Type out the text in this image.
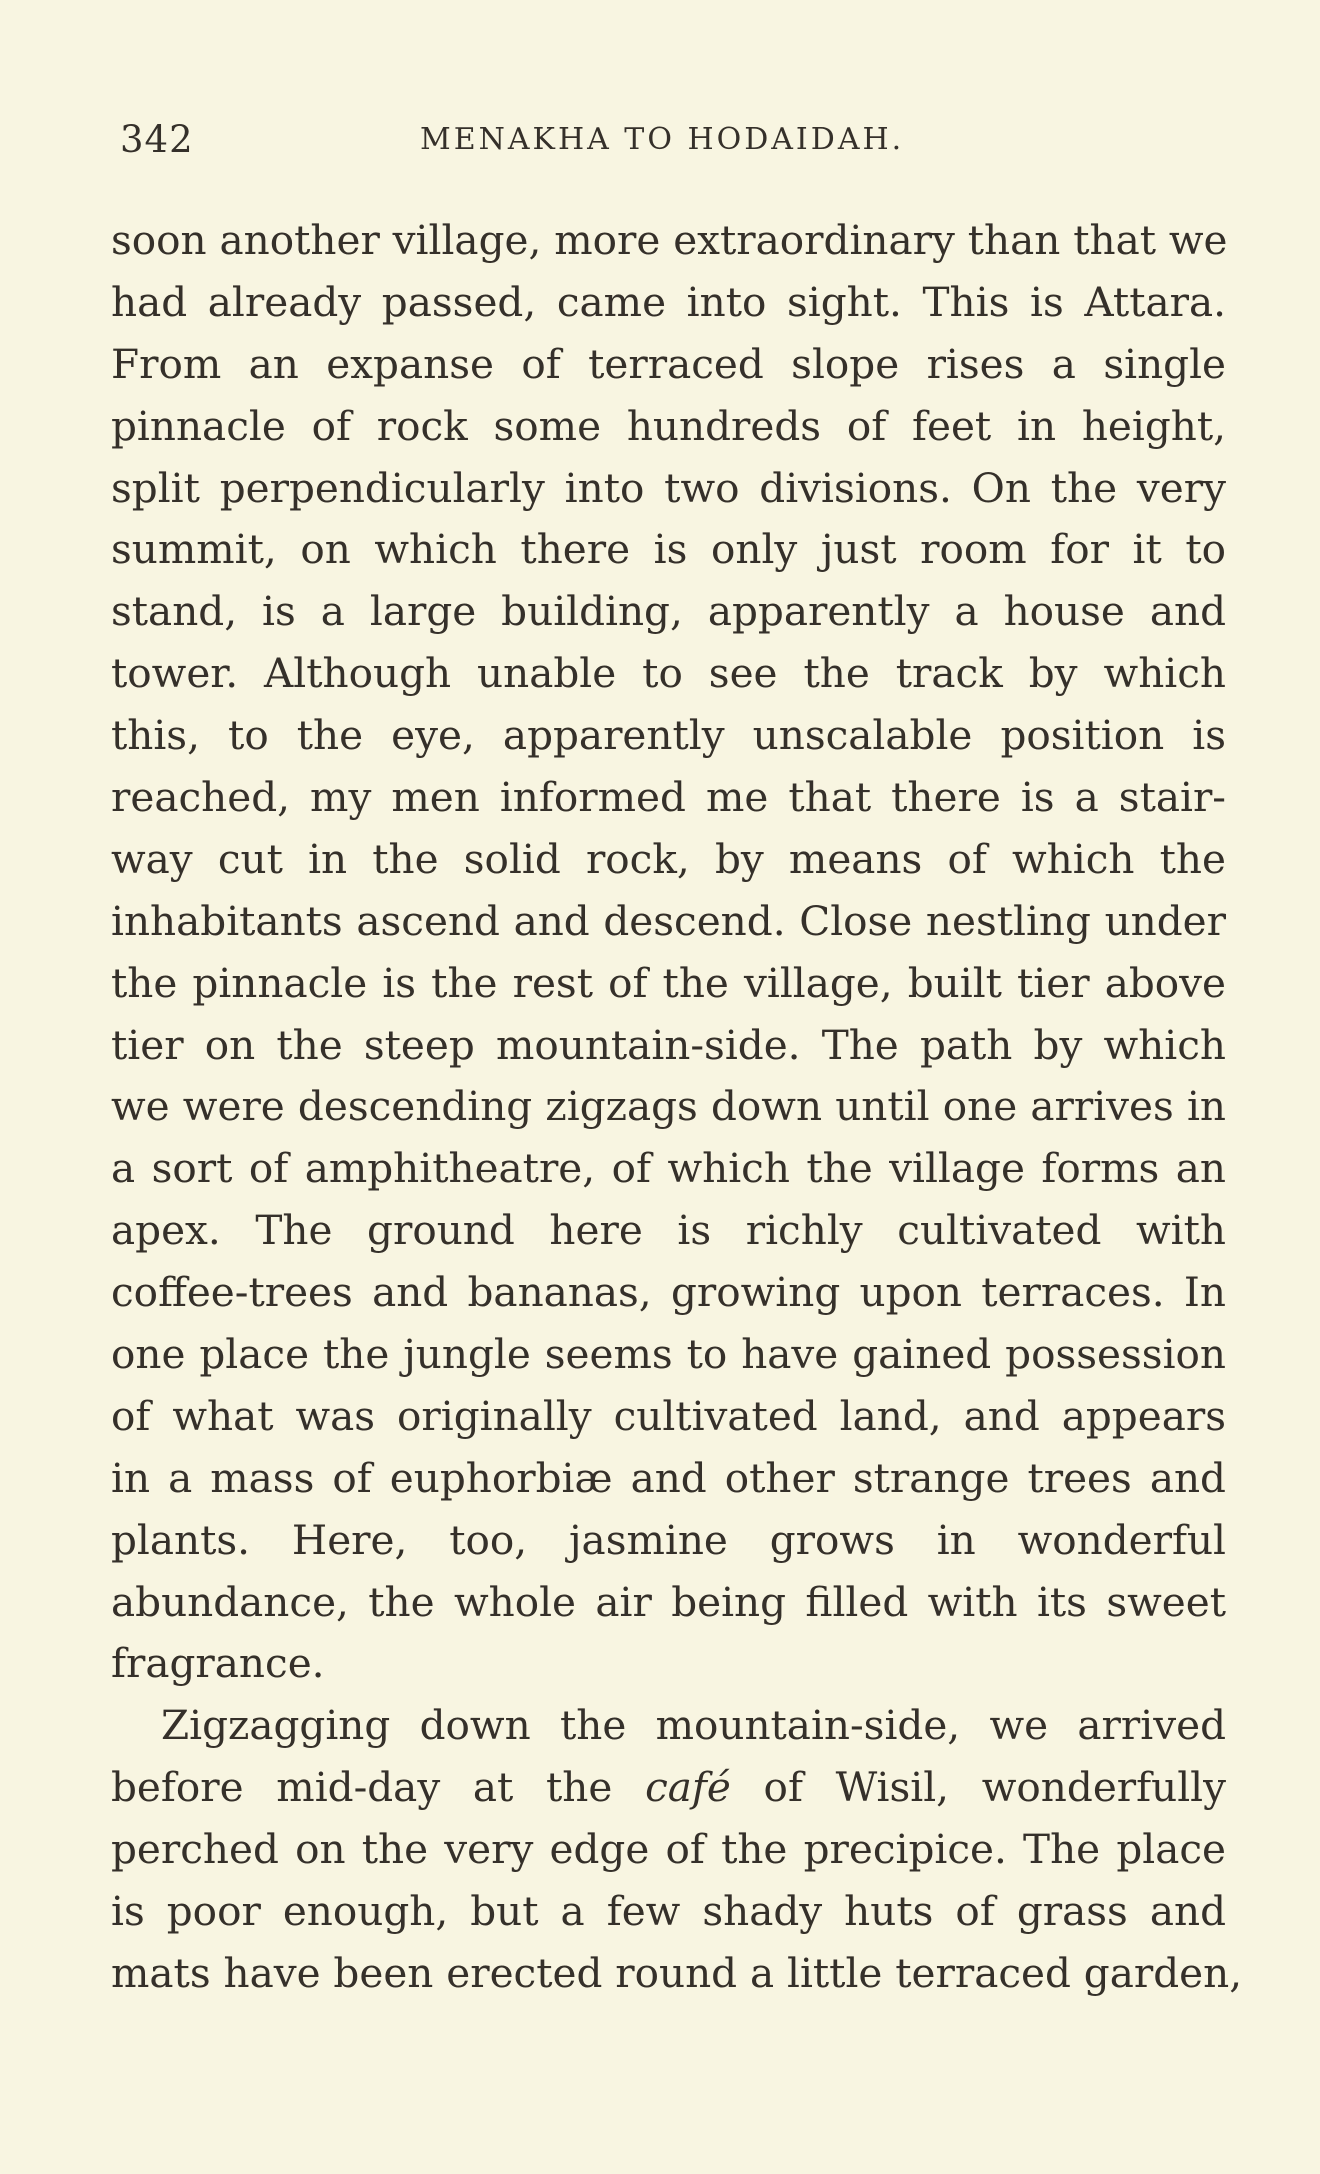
342	MENAKHA TO HODAIDAH.
soon another village, more extraordinary than that we
had already passed, came into sight. This is Attara.
From an expanse of terraced slope rises a single
pinnacle of rock some hundreds of feet in height,
split perpendicularly into two divisions. On the very
summit, on which there is only just room for it to
stand, is a large building, apparently a house and
tower. Although unable to see the track by which
this, to the eye, apparently unscalable position is
reached, my men informed me that there is a stair-
way cut in the solid rock, by means of which the
inhabitants ascend and descend. Close nestling under
the pinnacle is the rest of the village, built tier above
tier on the steep mountain-side. The path by which
we were descending zigzags down until one arrives in
a sort of amphitheatre, of which the village forms an
apex. The ground here is richly cultivated with
coffee-trees and bananas, growing upon terraces. In
one place the jungle seems to have gained possession
of what was originally cultivated land, and appears
in a mass of euphorbiæ and other strange trees and
plants. Here, too, jasmine grows in wonderful
abundance, the whole air being filled with its sweet
fragrance.
Zigzagging down the mountain-side, we arrived
before mid-day at the café of Wisil, wonderfully
perched on the very edge of the precipice. The place
is poor enough, but a few shady huts of grass and
mats have been erected round a little terraced garden,
